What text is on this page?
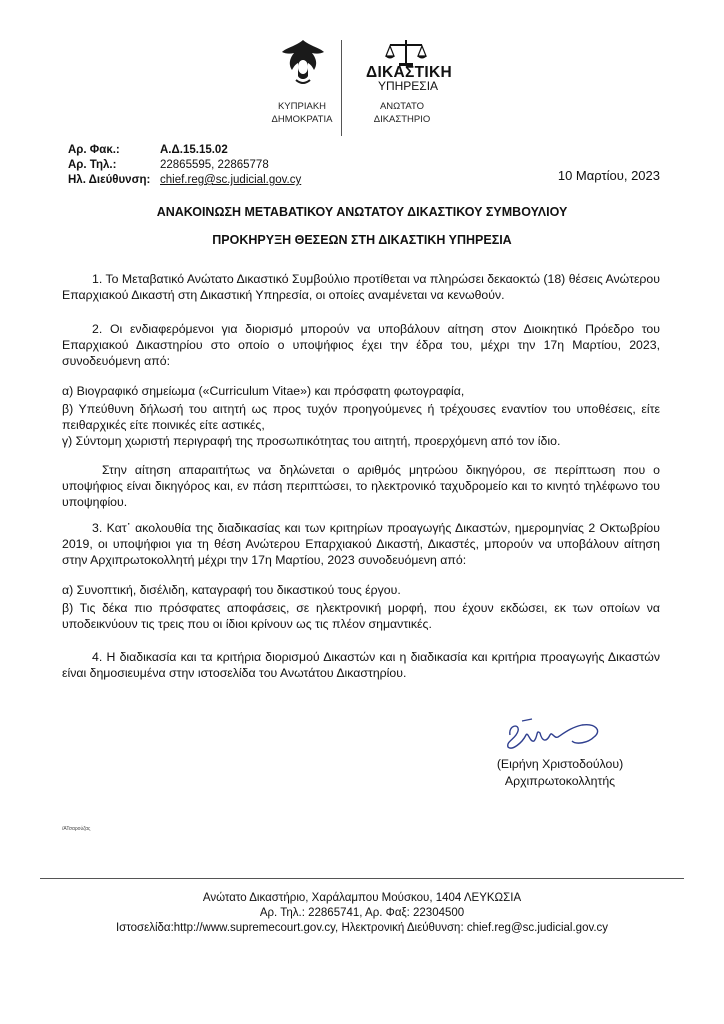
ΔΙΚΑΣΤΙΚΗ
ΥΠΗΡΕΣΙΑ
ΚΥΠΡΙΑΚΗ
ΔΗΜΟΚΡΑΤΙΑ
ΑΝΩΤΑΤΟ
ΔΙΚΑΣΤΗΡΙΟ
Αρ. Φακ.:	Α.Δ.15.15.02
Αρ. Τηλ.:	22865595, 22865778
Ηλ. Διεύθυνση: chief.reg@sc.judicial.gov.cy	10 Μαρτίου, 2023
ΑΝΑΚΟΙΝΩΣΗ ΜΕΤΑΒΑΤΙΚΟΥ ΑΝΩΤΑΤΟΥ ΔΙΚΑΣΤΙΚΟΥ ΣΥΜΒΟΥΛΙΟΥ
ΠΡΟΚΗΡΥΞΗ ΘΕΣΕΩΝ ΣΤΗ ΔΙΚΑΣΤΙΚΗ ΥΠΗΡΕΣΙΑ
1. Το Μεταβατικό Ανώτατο Δικαστικό Συμβούλιο προτίθεται να πληρώσει δεκαοκτώ (18) θέσεις Ανώτερου Επαρχιακού Δικαστή στη Δικαστική Υπηρεσία, οι οποίες αναμένεται να κενωθούν.
2. Οι ενδιαφερόμενοι για διορισμό μπορούν να υποβάλουν αίτηση στον Διοικητικό Πρόεδρο του Επαρχιακού Δικαστηρίου στο οποίο ο υποψήφιος έχει την έδρα του, μέχρι την 17η Μαρτίου, 2023, συνοδευόμενη από:
α) Βιογραφικό σημείωμα («Curriculum Vitae») και πρόσφατη φωτογραφία,
β) Υπεύθυνη δήλωσή του αιτητή ως προς τυχόν προηγούμενες ή τρέχουσες εναντίον του υποθέσεις, είτε πειθαρχικές είτε ποινικές είτε αστικές,
γ) Σύντομη χωριστή περιγραφή της προσωπικότητας του αιτητή, προερχόμενη από τον ίδιο.
Στην αίτηση απαραιτήτως να δηλώνεται ο αριθμός μητρώου δικηγόρου, σε περίπτωση που ο υποψήφιος είναι δικηγόρος και, εν πάση περιπτώσει, το ηλεκτρονικό ταχυδρομείο και το κινητό τηλέφωνο του υποψηφίου.
3. Κατ᾽ ακολουθία της διαδικασίας και των κριτηρίων προαγωγής Δικαστών, ημερομηνίας 2 Οκτωβρίου 2019, οι υποψήφιοι για τη θέση Ανώτερου Επαρχιακού Δικαστή, Δικαστές, μπορούν να υποβάλουν αίτηση στην Αρχιπρωτοκολλητή μέχρι την 17η Μαρτίου, 2023 συνοδευόμενη από:
α) Συνοπτική, δισέλιδη, καταγραφή του δικαστικού τους έργου.
β) Τις δέκα πιο πρόσφατες αποφάσεις, σε ηλεκτρονική μορφή, που έχουν εκδώσει, εκ των οποίων να υποδεικνύουν τις τρεις που οι ίδιοι κρίνουν ως τις πλέον σημαντικές.
4. Η διαδικασία και τα κριτήρια διορισμού Δικαστών και η διαδικασία και κριτήρια προαγωγής Δικαστών είναι δημοσιευμένα στην ιστοσελίδα του Ανωτάτου Δικαστηρίου.
(Ειρήνη Χριστοδούλου)
Αρχιπρωτοκολλητής
/ΑΤσαρούζας
Ανώτατο Δικαστήριο, Χαράλαμπου Μούσκου, 1404 ΛΕΥΚΩΣΙΑ
Αρ. Τηλ.: 22865741, Αρ. Φαξ: 22304500
Ιστοσελίδα:http://www.supremecourt.gov.cy, Ηλεκτρονική Διεύθυνση: chief.reg@sc.judicial.gov.cy
